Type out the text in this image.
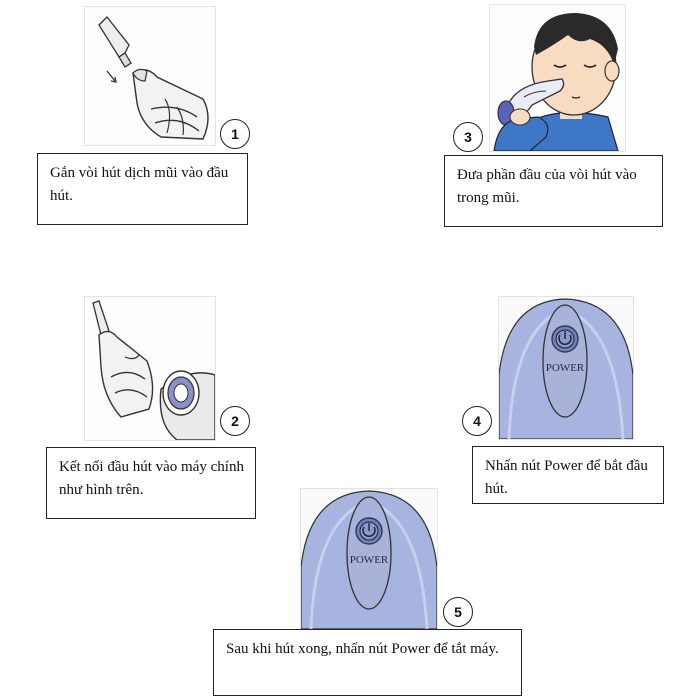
1
Gắn vòi hút dịch mũi vào đầu hút.
2
Kết nối đầu hút vào máy chính như hình trên.
3
Đưa phần đầu của vòi hút vào trong mũi.
POWER
4
Nhấn nút Power để bắt đầu hút.
POWER
5
Sau khi hút xong, nhấn nút Power để tắt máy.
